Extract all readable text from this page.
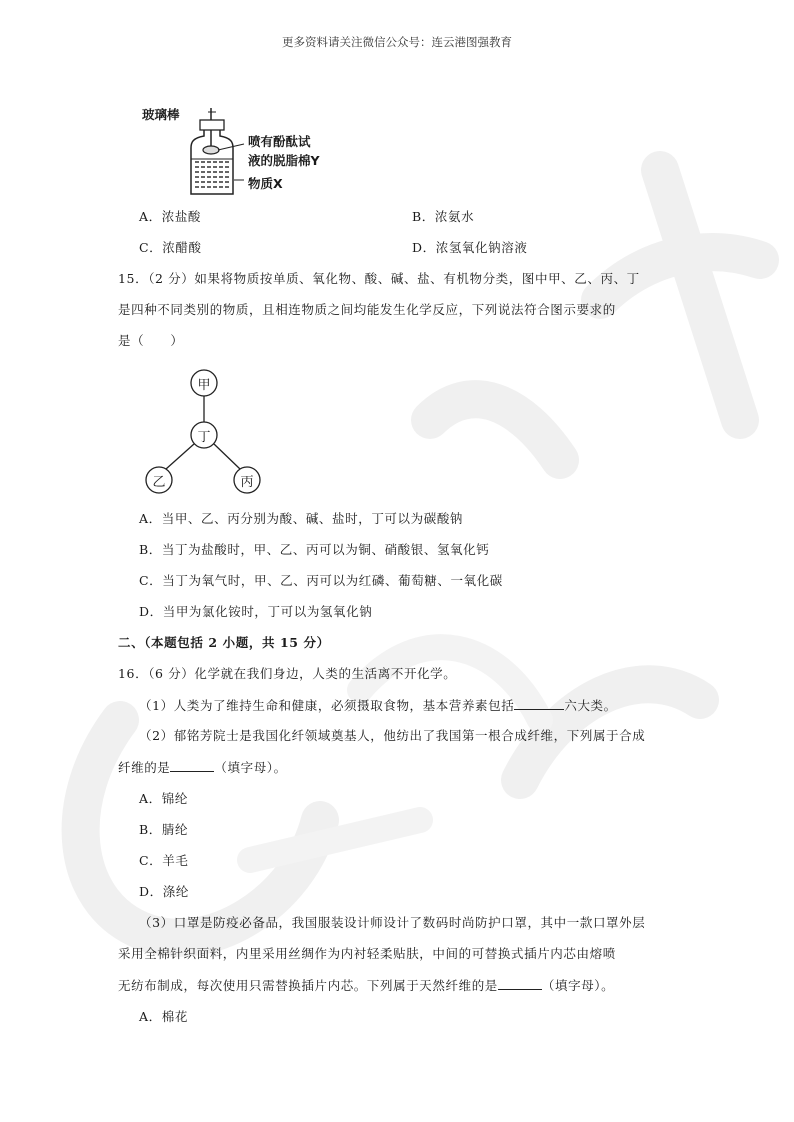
更多资料请关注微信公众号：连云港图强教育
玻璃棒
喷有酚酞试
液的脱脂棉Y
物质X
A．浓盐酸	B．浓氨水
C．浓醋酸	D．浓氢氧化钠溶液
15．（2 分）如果将物质按单质、氧化物、酸、碱、盐、有机物分类，图中甲、乙、丙、丁
是四种不同类别的物质，且相连物质之间均能发生化学反应，下列说法符合图示要求的
是（　　）
甲
丁
乙	丙
A．当甲、乙、丙分别为酸、碱、盐时，丁可以为碳酸钠
B．当丁为盐酸时，甲、乙、丙可以为铜、硝酸银、氢氧化钙
C．当丁为氧气时，甲、乙、丙可以为红磷、葡萄糖、一氧化碳
D．当甲为氯化铵时，丁可以为氢氧化钠
二、（本题包括 2 小题，共 15 分）
16．（6 分）化学就在我们身边，人类的生活离不开化学。
（1）人类为了维持生命和健康，必须摄取食物，基本营养素包括	六大类。
（2）郁铭芳院士是我国化纤领域奠基人，他纺出了我国第一根合成纤维，下列属于合成
纤维的是	（填字母）。
A．锦纶
B．腈纶
C．羊毛
D．涤纶
（3）口罩是防疫必备品，我国服装设计师设计了数码时尚防护口罩，其中一款口罩外层
采用全棉针织面料，内里采用丝绸作为内衬轻柔贴肤，中间的可替换式插片内芯由熔喷
无纺布制成，每次使用只需替换插片内芯。下列属于天然纤维的是	（填字母）。
A．棉花
